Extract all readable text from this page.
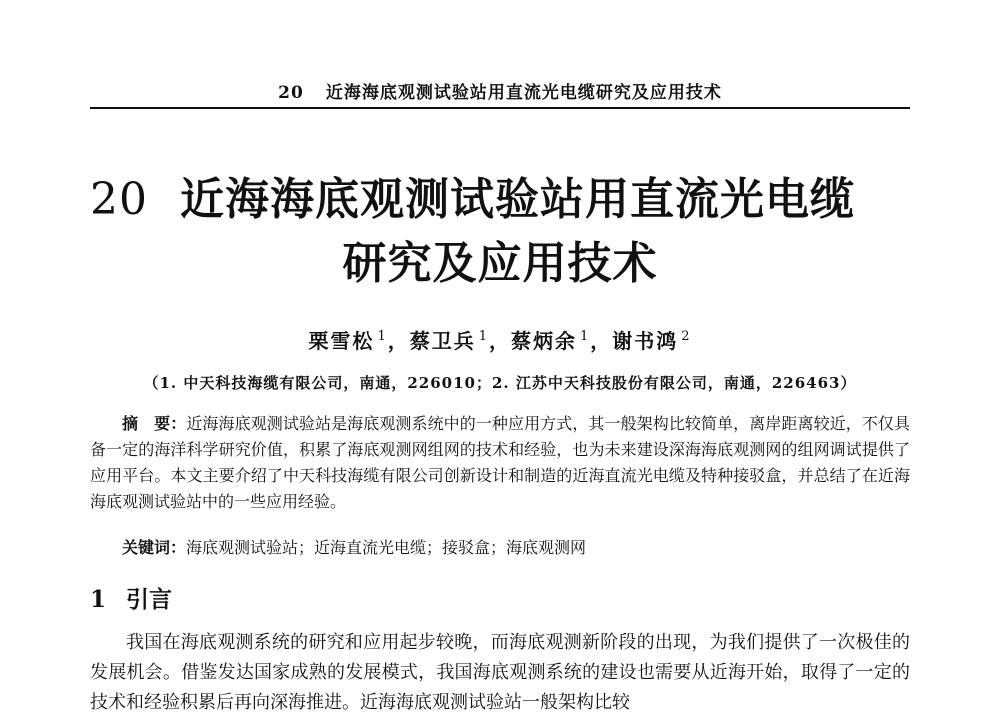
20 近海海底观测试验站用直流光电缆研究及应用技术
20 近海海底观测试验站用直流光电缆
研究及应用技术
栗雪松 $^1$，蔡卫兵 $^1$，蔡炳余 $^1$，谢书鸿 $^2$
（1. 中天科技海缆有限公司，南通，226010；2. 江苏中天科技股份有限公司，南通，226463）
摘　要：近海海底观测试验站是海底观测系统中的一种应用方式，其一般架构比较简单，离岸距离较近，不仅具备一定的海洋科学研究价值，积累了海底观测网组网的技术和经验，也为未来建设深海海底观测网的组网调试提供了应用平台。本文主要介绍了中天科技海缆有限公司创新设计和制造的近海直流光电缆及特种接驳盒，并总结了在近海海底观测试验站中的一些应用经验。
关键词：海底观测试验站；近海直流光电缆；接驳盒；海底观测网
1 引言
我国在海底观测系统的研究和应用起步较晚，而海底观测新阶段的出现，为我们提供了一次极佳的发展机会。借鉴发达国家成熟的发展模式，我国海底观测系统的建设也需要从近海开始，取得了一定的技术和经验积累后再向深海推进。近海海底观测试验站一般架构比较
